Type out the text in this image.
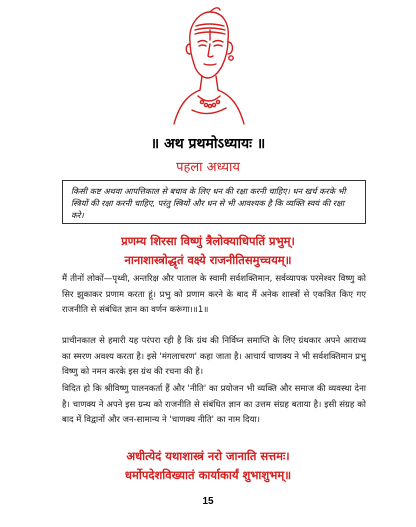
॥ अथ प्रथमोऽध्यायः ॥
पहला अध्याय
किसी कष्ट अथवा आपत्तिकाल से बचाव के लिए धन की रक्षा करनी चाहिए। धन खर्च करके भी स्त्रियों की रक्षा करनी चाहिए, परंतु स्त्रियों और धन से भी आवश्यक है कि व्यक्ति स्वयं की रक्षा करे।
प्रणम्य शिरसा विष्णुं त्रैलोक्याधिपतिं प्रभुम्।
नानाशास्त्रोद्धृतं वक्ष्ये राजनीतिसमुच्चयम्॥
मैं तीनों लोकों—पृथ्वी, अन्तरिक्ष और पाताल के स्वामी सर्वशक्तिमान, सर्वव्यापक परमेश्वर विष्णु को सिर झुकाकर प्रणाम करता हूं। प्रभु को प्रणाम करने के बाद मैं अनेक शास्त्रों से एकत्रित किए गए राजनीति से संबंधित ज्ञान का वर्णन करूंगा।॥1॥
प्राचीनकाल से हमारी यह परंपरा रही है कि ग्रंथ की निर्विघ्न समाप्ति के लिए ग्रंथकार अपने आराध्य का स्मरण अवश्य करता है। इसे 'मंगलाचरण' कहा जाता है। आचार्य चाणक्य ने भी सर्वशक्तिमान प्रभु विष्णु को नमन करके इस ग्रंथ की रचना की है।
विदित हो कि श्रीविष्णु पालनकर्ता हैं और 'नीति' का प्रयोजन भी व्यक्ति और समाज की व्यवस्था देना है। चाणक्य ने अपने इस ग्रन्थ को राजनीति से संबंधित ज्ञान का उत्तम संग्रह बताया है। इसी संग्रह को बाद में विद्वानों और जन-सामान्य ने 'चाणक्य नीति' का नाम दिया।
अधीत्येदं यथाशास्त्रं नरो जानाति सत्तमः।
धर्मोपदेशविख्यातं कार्याकार्यं शुभाशुभम्॥
15
